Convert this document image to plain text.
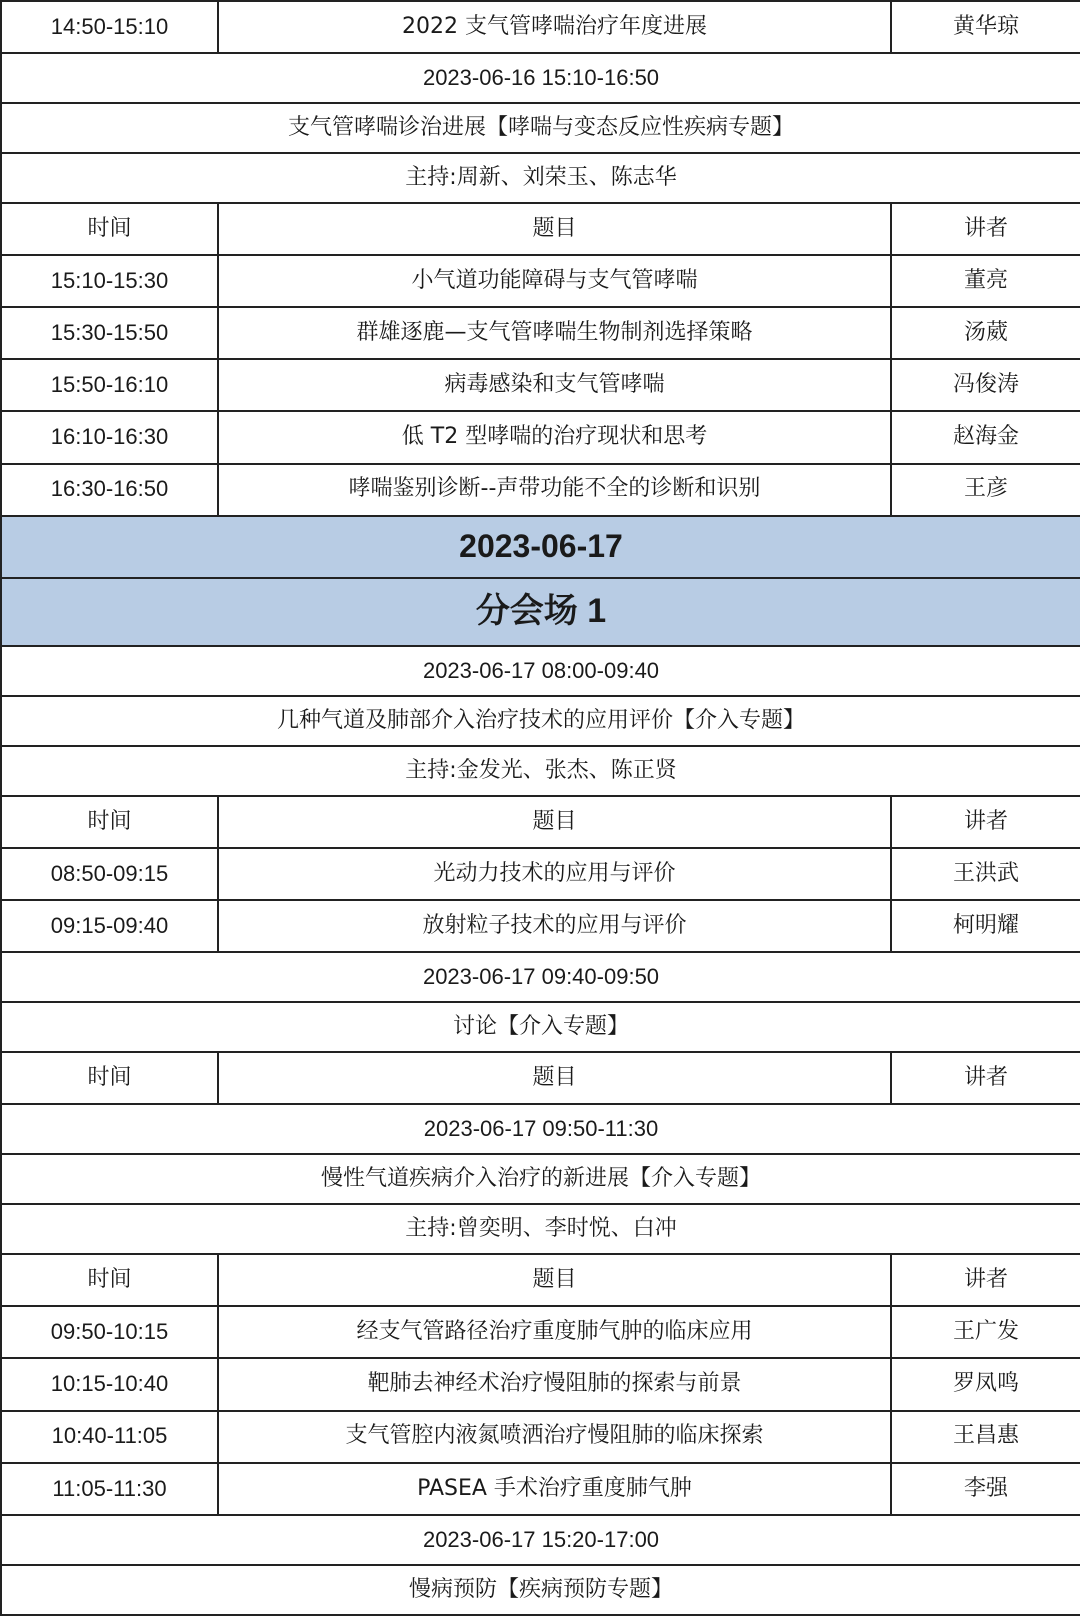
14:50-15:10	2022 支气管哮喘治疗年度进展	黄华琼
2023-06-16 15:10-16:50		
支气管哮喘诊治进展【哮喘与变态反应性疾病专题】		
主持:周新、刘荣玉、陈志华		
时间	题目	讲者
15:10-15:30	小气道功能障碍与支气管哮喘	董亮
15:30-15:50	群雄逐鹿—支气管哮喘生物制剂选择策略	汤葳
15:50-16:10	病毒感染和支气管哮喘	冯俊涛
16:10-16:30	低 T2 型哮喘的治疗现状和思考	赵海金
16:30-16:50	哮喘鉴别诊断--声带功能不全的诊断和识别	王彦
2023-06-17		
分会场 1		
2023-06-17 08:00-09:40		
几种气道及肺部介入治疗技术的应用评价【介入专题】		
主持:金发光、张杰、陈正贤		
时间	题目	讲者
08:50-09:15	光动力技术的应用与评价	王洪武
09:15-09:40	放射粒子技术的应用与评价	柯明耀
2023-06-17 09:40-09:50		
讨论【介入专题】		
时间	题目	讲者
2023-06-17 09:50-11:30		
慢性气道疾病介入治疗的新进展【介入专题】		
主持:曾奕明、李时悦、白冲		
时间	题目	讲者
09:50-10:15	经支气管路径治疗重度肺气肿的临床应用	王广发
10:15-10:40	靶肺去神经术治疗慢阻肺的探索与前景	罗凤鸣
10:40-11:05	支气管腔内液氮喷洒治疗慢阻肺的临床探索	王昌惠
11:05-11:30	PASEA 手术治疗重度肺气肿	李强
2023-06-17 15:20-17:00		
慢病预防【疾病预防专题】		
